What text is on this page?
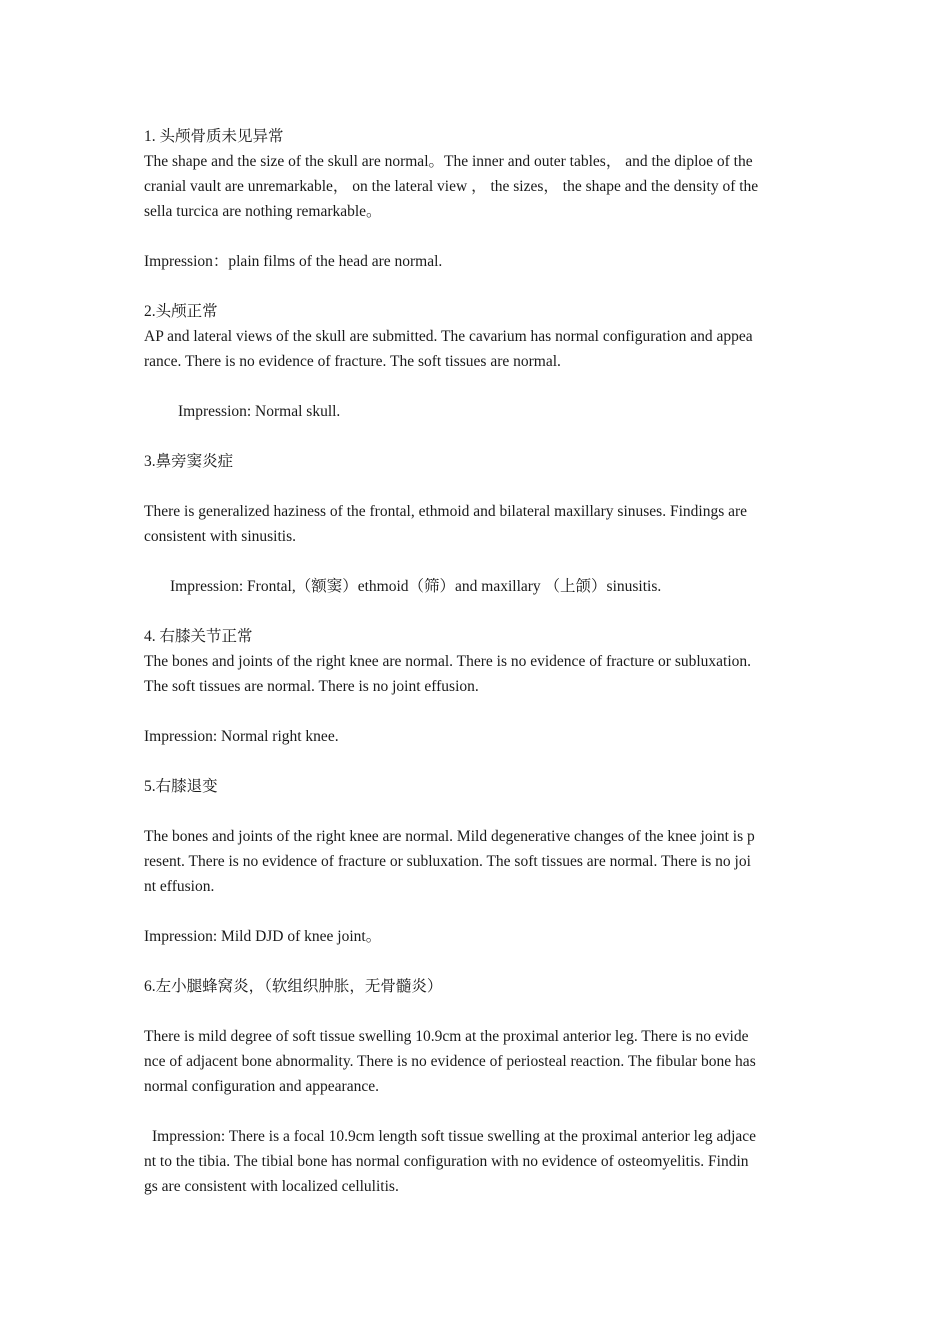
1. 头颅骨质未见异常
The shape and the size of the skull are normal。The inner and outer tables， and the diploe of the
cranial vault are unremarkable， on the lateral view ， the sizes， the shape and the density of the
sella turcica are nothing remarkable。
Impression：plain films of the head are normal.
2.头颅正常
AP and lateral views of the skull are submitted. The cavarium has normal configuration and appea
rance. There is no evidence of fracture. The soft tissues are normal.
Impression: Normal skull.
3.鼻旁窦炎症
There is generalized haziness of the frontal, ethmoid and bilateral maxillary sinuses. Findings are
consistent with sinusitis.
Impression: Frontal,（额窦）ethmoid（筛）and maxillary （上颌）sinusitis.
4. 右膝关节正常
The bones and joints of the right knee are normal. There is no evidence of fracture or subluxation.
The soft tissues are normal. There is no joint effusion.
Impression: Normal right knee.
5.右膝退变
The bones and joints of the right knee are normal. Mild degenerative changes of the knee joint is p
resent. There is no evidence of fracture or subluxation. The soft tissues are normal. There is no joi
nt effusion.
Impression: Mild DJD of knee joint。
6.左小腿蜂窝炎，（软组织肿胀，无骨髓炎）
There is mild degree of soft tissue swelling 10.9cm at the proximal anterior leg. There is no evide
nce of adjacent bone abnormality. There is no evidence of periosteal reaction. The fibular bone has
normal configuration and appearance.
Impression: There is a focal 10.9cm length soft tissue swelling at the proximal anterior leg adjace
nt to the tibia. The tibial bone has normal configuration with no evidence of osteomyelitis. Findin
gs are consistent with localized cellulitis.
